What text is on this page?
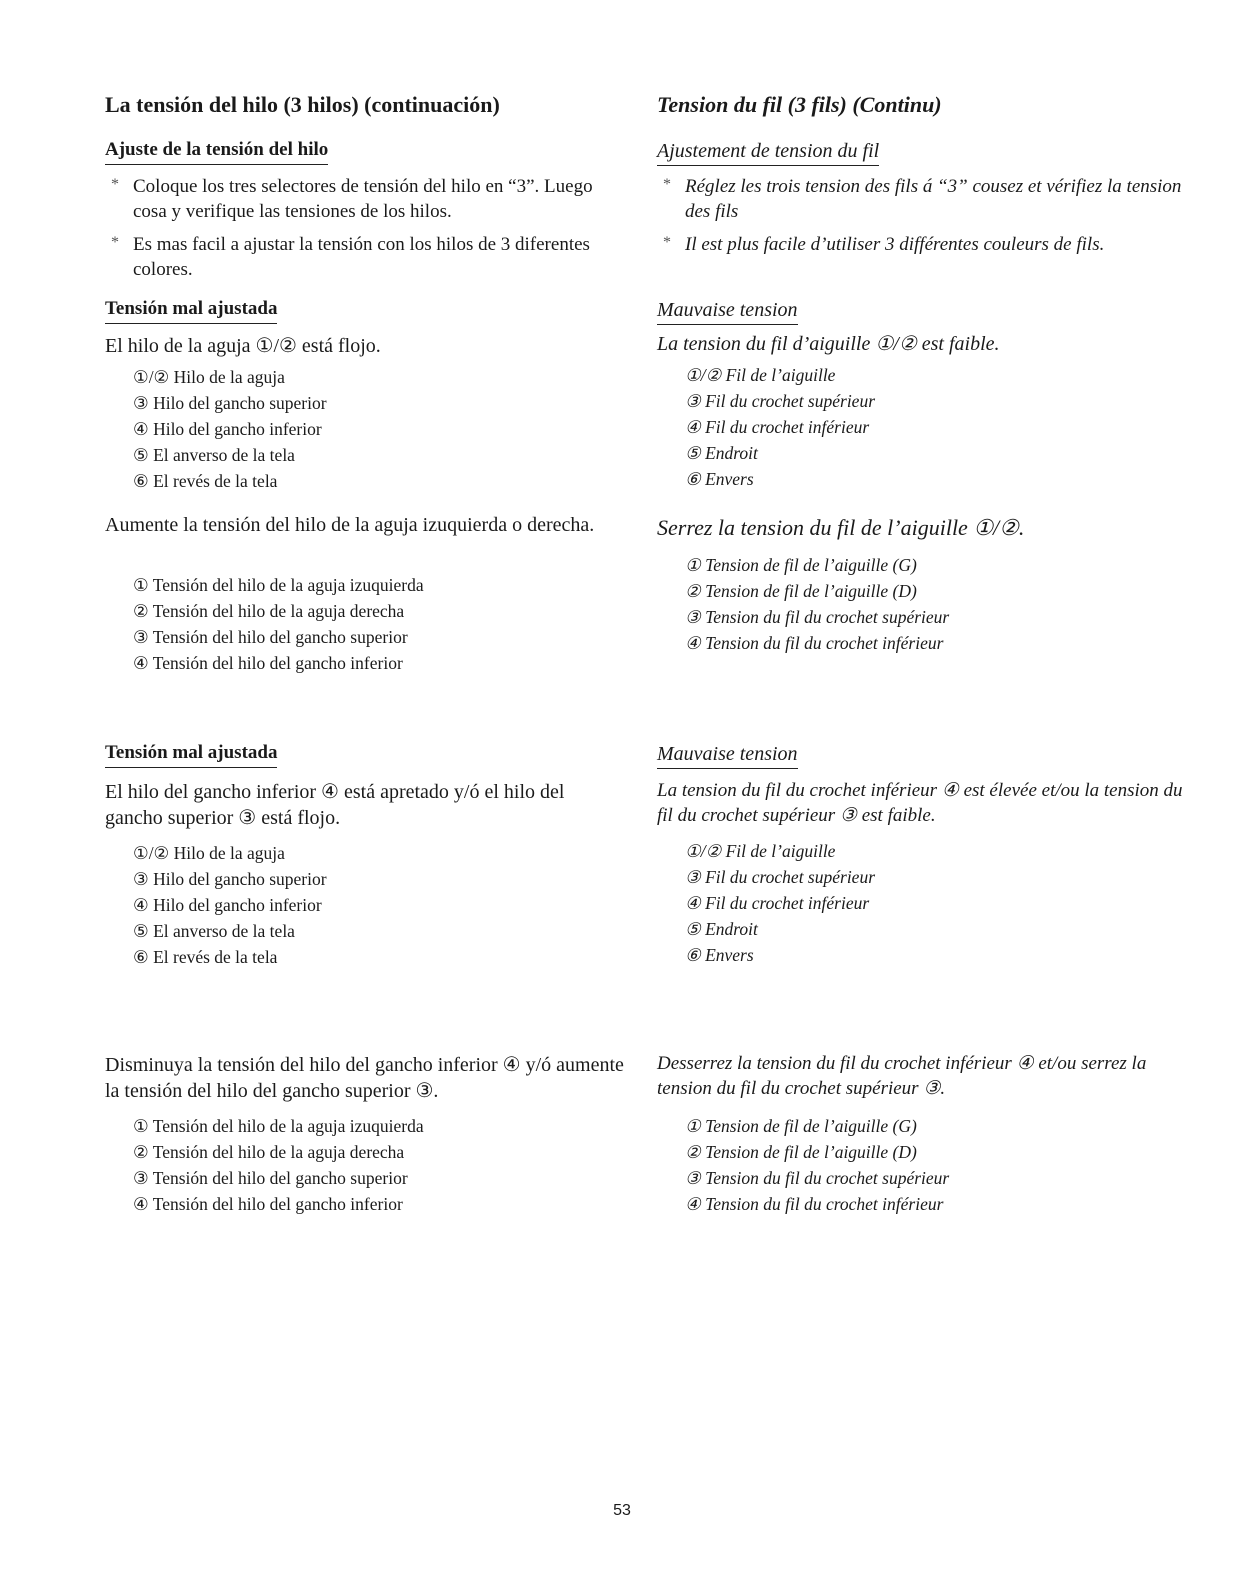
La tensión del hilo (3 hilos) (continuación)
Ajuste de la tensión del hilo
* Coloque los tres selectores de tensión del hilo en “3”. Luego cosa y verifique las tensiones de los hilos.
* Es mas facil a ajustar la tensión con los hilos de 3 diferentes colores.
Tensión mal ajustada

El hilo de la aguja ①/② está flojo.

①/② Hilo de la aguja
③ Hilo del gancho superior
④ Hilo del gancho inferior
⑤ El anverso de la tela
⑥ El revés de la tela

Aumente la tensión del hilo de la aguja izuquierda o derecha.

① Tensión del hilo de la aguja izuquierda
② Tensión del hilo de la aguja derecha
③ Tensión del hilo del gancho superior
④ Tensión del hilo del gancho inferior
Tensión mal ajustada

El hilo del gancho inferior ④ está apretado y/ó el hilo del gancho superior ③ está flojo.

①/② Hilo de la aguja
③ Hilo del gancho superior
④ Hilo del gancho inferior
⑤ El anverso de la tela
⑥ El revés de la tela

Disminuya la tensión del hilo del gancho inferior ④ y/ó aumente la tensión del hilo del gancho superior ③.

① Tensión del hilo de la aguja izuquierda
② Tensión del hilo de la aguja derecha
③ Tensión del hilo del gancho superior
④ Tensión del hilo del gancho inferior
Tension du fil (3 fils) (Continu)
Ajustement de tension du fil
* Réglez les trois tension des fils á “3” cousez et vérifiez la tension des fils
* Il est plus facile d’utiliser 3 différentes couleurs de fils.
Mauvaise tension

La tension du fil d’aiguille ①/② est faible.

①/② Fil de l’aiguille
③ Fil du crochet supérieur
④ Fil du crochet inférieur
⑤ Endroit
⑥ Envers

Serrez la tension du fil de l’aiguille ①/②.

① Tension de fil de l’aiguille (G)
② Tension de fil de l’aiguille (D)
③ Tension du fil du crochet supérieur
④ Tension du fil du crochet inférieur
Mauvaise tension

La tension du fil du crochet inférieur ④ est élevée et/ou la tension du fil du crochet supérieur ③ est faible.

①/② Fil de l’aiguille
③ Fil du crochet supérieur
④ Fil du crochet inférieur
⑤ Endroit
⑥ Envers

Desserrez la tension du fil du crochet inférieur ④ et/ou serrez la tension du fil du crochet supérieur ③.

① Tension de fil de l’aiguille (G)
② Tension de fil de l’aiguille (D)
③ Tension du fil du crochet supérieur
④ Tension du fil du crochet inférieur
53
